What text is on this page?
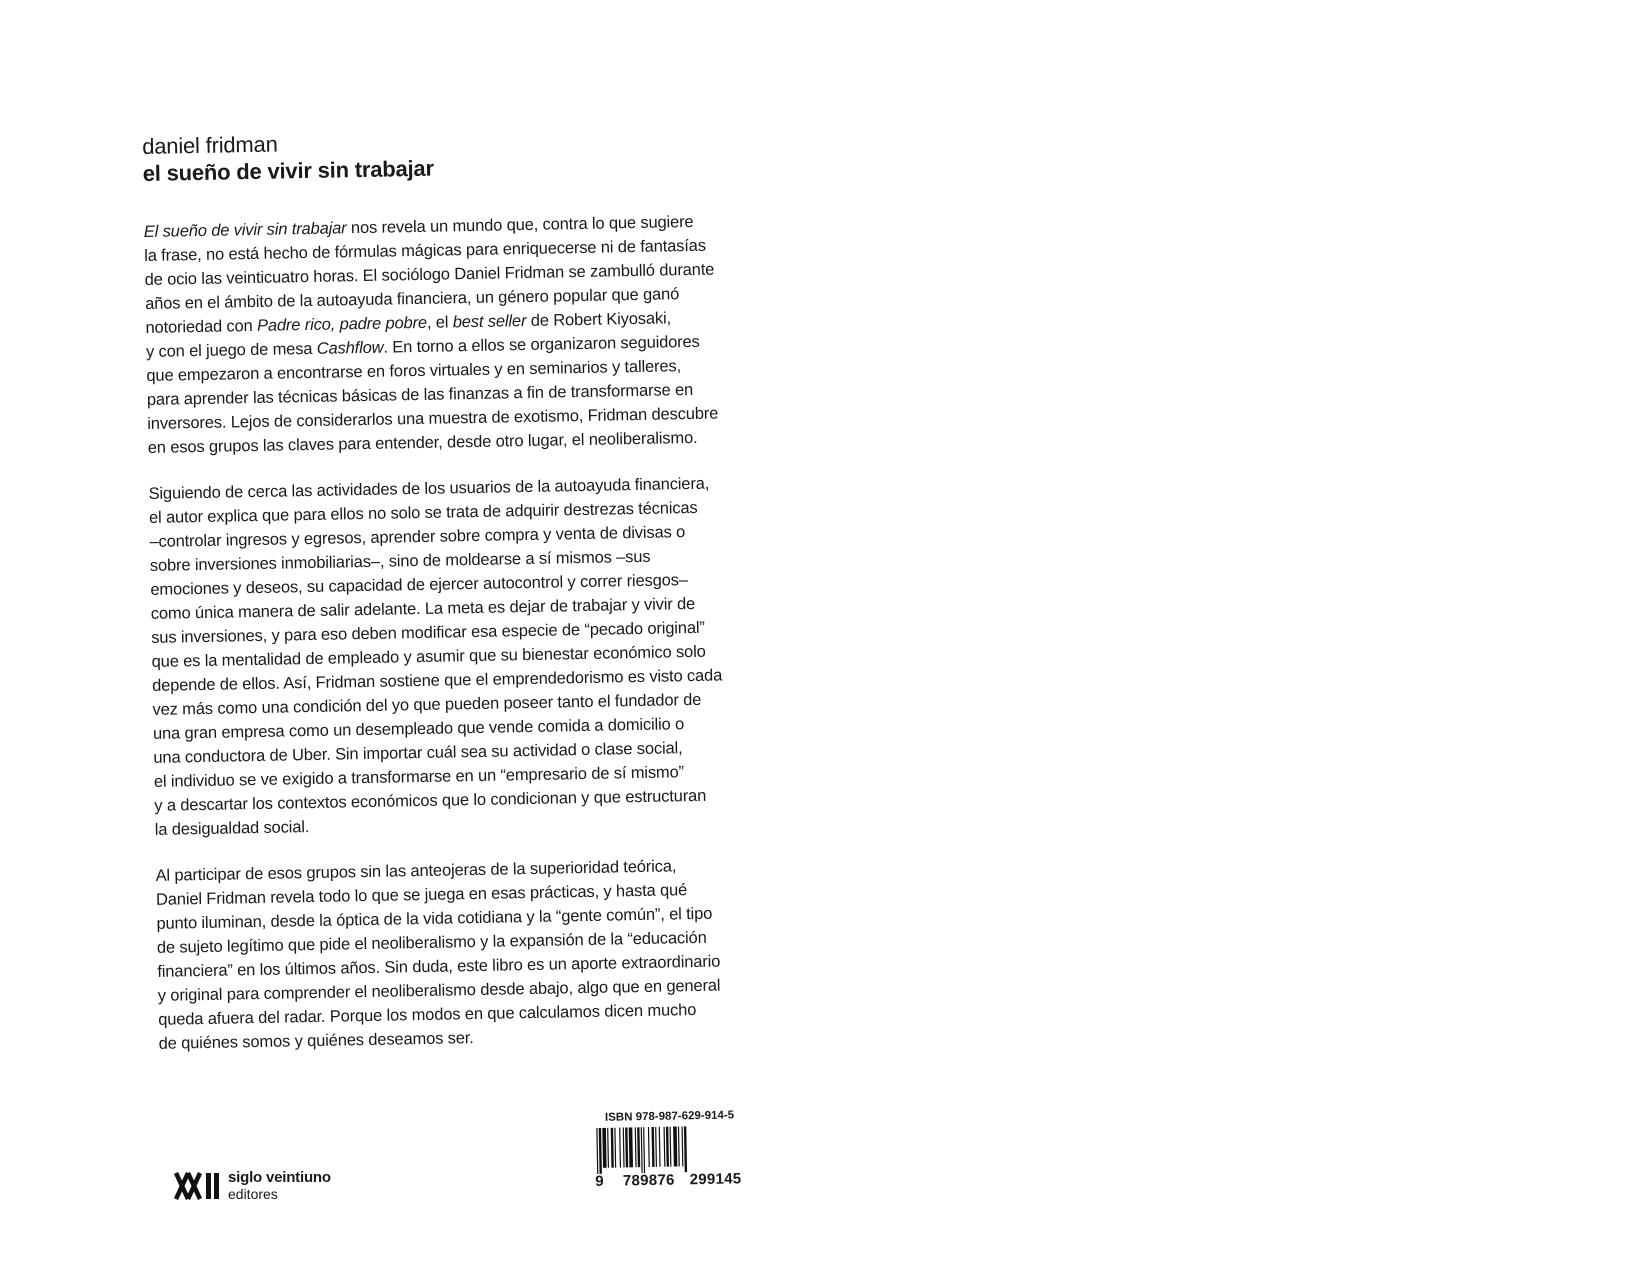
daniel fridman

el sueño de vivir sin trabajar

El sueño de vivir sin trabajar nos revela un mundo que, contra lo que sugiere
la frase, no está hecho de fórmulas mágicas para enriquecerse ni de fantasías
de ocio las veinticuatro horas. El sociólogo Daniel Fridman se zambulló durante
años en el ámbito de la autoayuda financiera, un género popular que ganó
notoriedad con Padre rico, padre pobre, el best seller de Robert Kiyosaki,
y con el juego de mesa Cashflow. En torno a ellos se organizaron seguidores
que empezaron a encontrarse en foros virtuales y en seminarios y talleres,
para aprender las técnicas básicas de las finanzas a fin de transformarse en
inversores. Lejos de considerarlos una muestra de exotismo, Fridman descubre
en esos grupos las claves para entender, desde otro lugar, el neoliberalismo.

Siguiendo de cerca las actividades de los usuarios de la autoayuda financiera,
el autor explica que para ellos no solo se trata de adquirir destrezas técnicas
–controlar ingresos y egresos, aprender sobre compra y venta de divisas o
sobre inversiones inmobiliarias–, sino de moldearse a sí mismos –sus
emociones y deseos, su capacidad de ejercer autocontrol y correr riesgos–
como única manera de salir adelante. La meta es dejar de trabajar y vivir de
sus inversiones, y para eso deben modificar esa especie de “pecado original”
que es la mentalidad de empleado y asumir que su bienestar económico solo
depende de ellos. Así, Fridman sostiene que el emprendedorismo es visto cada
vez más como una condición del yo que pueden poseer tanto el fundador de
una gran empresa como un desempleado que vende comida a domicilio o
una conductora de Uber. Sin importar cuál sea su actividad o clase social,
el individuo se ve exigido a transformarse en un “empresario de sí mismo”
y a descartar los contextos económicos que lo condicionan y que estructuran
la desigualdad social.

Al participar de esos grupos sin las anteojeras de la superioridad teórica,
Daniel Fridman revela todo lo que se juega en esas prácticas, y hasta qué
punto iluminan, desde la óptica de la vida cotidiana y la “gente común”, el tipo
de sujeto legítimo que pide el neoliberalismo y la expansión de la “educación
financiera” en los últimos años. Sin duda, este libro es un aporte extraordinario
y original para comprender el neoliberalismo desde abajo, algo que en general
queda afuera del radar. Porque los modos en que calculamos dicen mucho
de quiénes somos y quiénes deseamos ser.

ISBN 978-987-629-914-5
9 789876 299145
siglo veintiuno
editores
